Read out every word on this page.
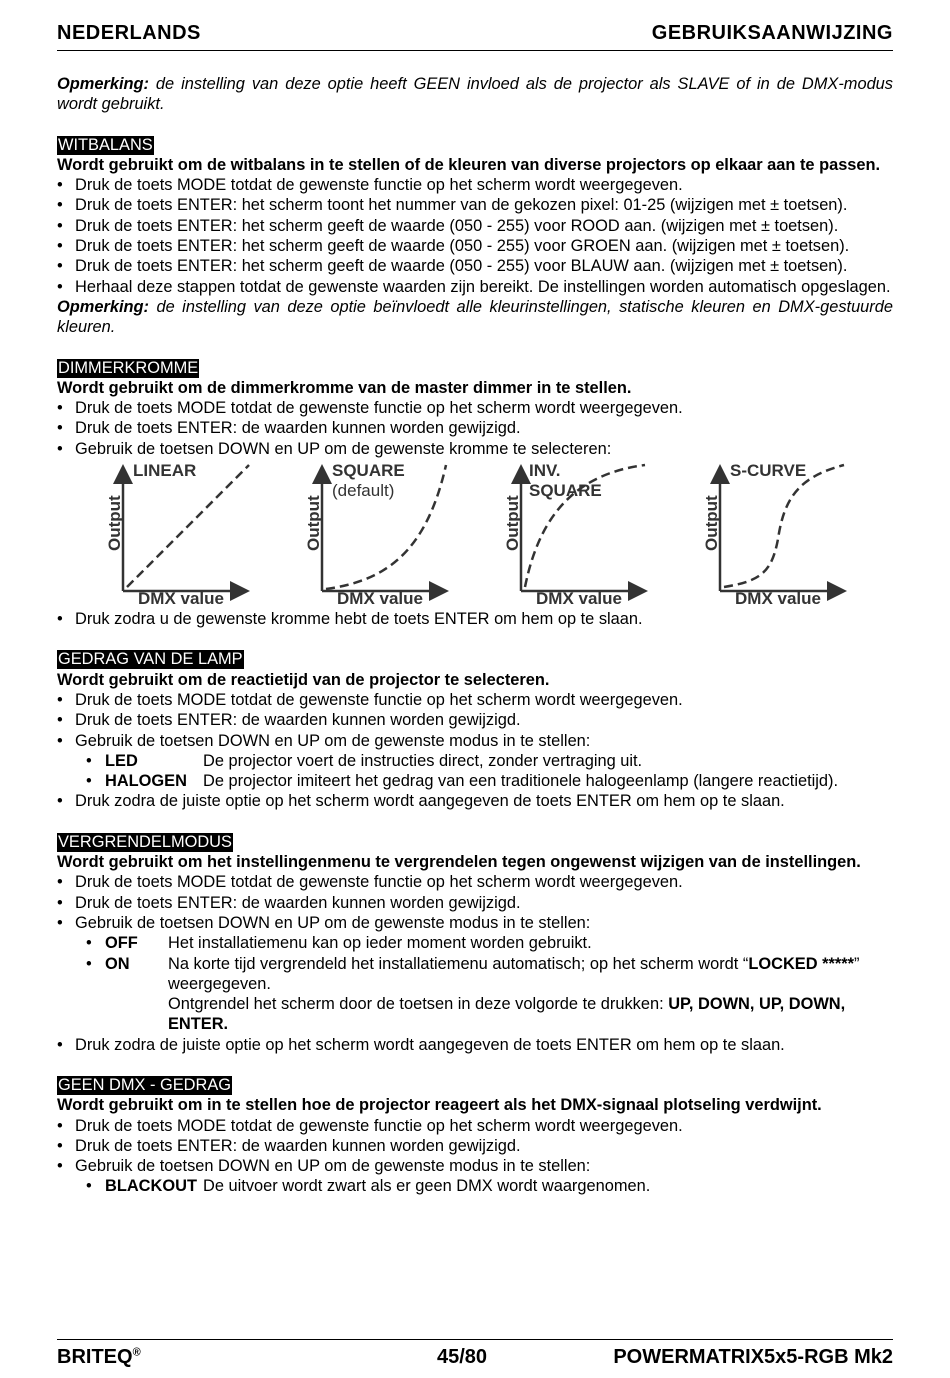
NEDERLANDS	GEBRUIKSAANWIJZING

Opmerking: de instelling van deze optie heeft GEEN invloed als de projector als SLAVE of in de DMX-modus wordt gebruikt.

WITBALANS

Wordt gebruikt om de witbalans in te stellen of de kleuren van diverse projectors op elkaar aan te passen.

• Druk de toets MODE totdat de gewenste functie op het scherm wordt weergegeven.
• Druk de toets ENTER: het scherm toont het nummer van de gekozen pixel: 01-25 (wijzigen met ± toetsen).
• Druk de toets ENTER: het scherm geeft de waarde (050 - 255) voor ROOD aan. (wijzigen met ± toetsen).
• Druk de toets ENTER: het scherm geeft de waarde (050 - 255) voor GROEN aan. (wijzigen met ± toetsen).
• Druk de toets ENTER: het scherm geeft de waarde (050 - 255) voor BLAUW aan. (wijzigen met ± toetsen).
• Herhaal deze stappen totdat de gewenste waarden zijn bereikt. De instellingen worden automatisch opgeslagen.

Opmerking: de instelling van deze optie beïnvloedt alle kleurinstellingen, statische kleuren en DMX-gestuurde kleuren.

DIMMERKROMME

Wordt gebruikt om de dimmerkromme van de master dimmer in te stellen.

• Druk de toets MODE totdat de gewenste functie op het scherm wordt weergegeven.
• Druk de toets ENTER: de waarden kunnen worden gewijzigd.
• Gebruik de toetsen DOWN en UP om de gewenste kromme te selecteren:
LINEAR
Output
DMX value
SQUARE
(default)
Output
DMX value
INV.
SQUARE
Output
DMX value
S-CURVE
Output
DMX value
• Druk zodra u de gewenste kromme hebt de toets ENTER om hem op te slaan.
GEDRAG VAN DE LAMP

Wordt gebruikt om de reactietijd van de projector te selecteren.

• Druk de toets MODE totdat de gewenste functie op het scherm wordt weergegeven.
• Druk de toets ENTER: de waarden kunnen worden gewijzigd.
• Gebruik de toetsen DOWN en UP om de gewenste modus in te stellen:
• LED	De projector voert de instructies direct, zonder vertraging uit.
• HALOGEN De projector imiteert het gedrag van een traditionele halogeenlamp (langere reactietijd).
• Druk zodra de juiste optie op het scherm wordt aangegeven de toets ENTER om hem op te slaan.
VERGRENDELMODUS

Wordt gebruikt om het instellingenmenu te vergrendelen tegen ongewenst wijzigen van de instellingen.

• Druk de toets MODE totdat de gewenste functie op het scherm wordt weergegeven.
• Druk de toets ENTER: de waarden kunnen worden gewijzigd.
• Gebruik de toetsen DOWN en UP om de gewenste modus in te stellen:
• OFF	Het installatiemenu kan op ieder moment worden gebruikt.
• ON	Na korte tijd vergrendeld het installatiemenu automatisch; op het scherm wordt “LOCKED *****” weergegeven.
Ontgrendel het scherm door de toetsen in deze volgorde te drukken: UP, DOWN, UP, DOWN, ENTER.
• Druk zodra de juiste optie op het scherm wordt aangegeven de toets ENTER om hem op te slaan.
GEEN DMX - GEDRAG

Wordt gebruikt om in te stellen hoe de projector reageert als het DMX-signaal plotseling verdwijnt.

• Druk de toets MODE totdat de gewenste functie op het scherm wordt weergegeven.
• Druk de toets ENTER: de waarden kunnen worden gewijzigd.
• Gebruik de toetsen DOWN en UP om de gewenste modus in te stellen:
• BLACKOUT De uitvoer wordt zwart als er geen DMX wordt waargenomen.
BRITEQ®	45/80	POWERMATRIX5x5-RGB Mk2
